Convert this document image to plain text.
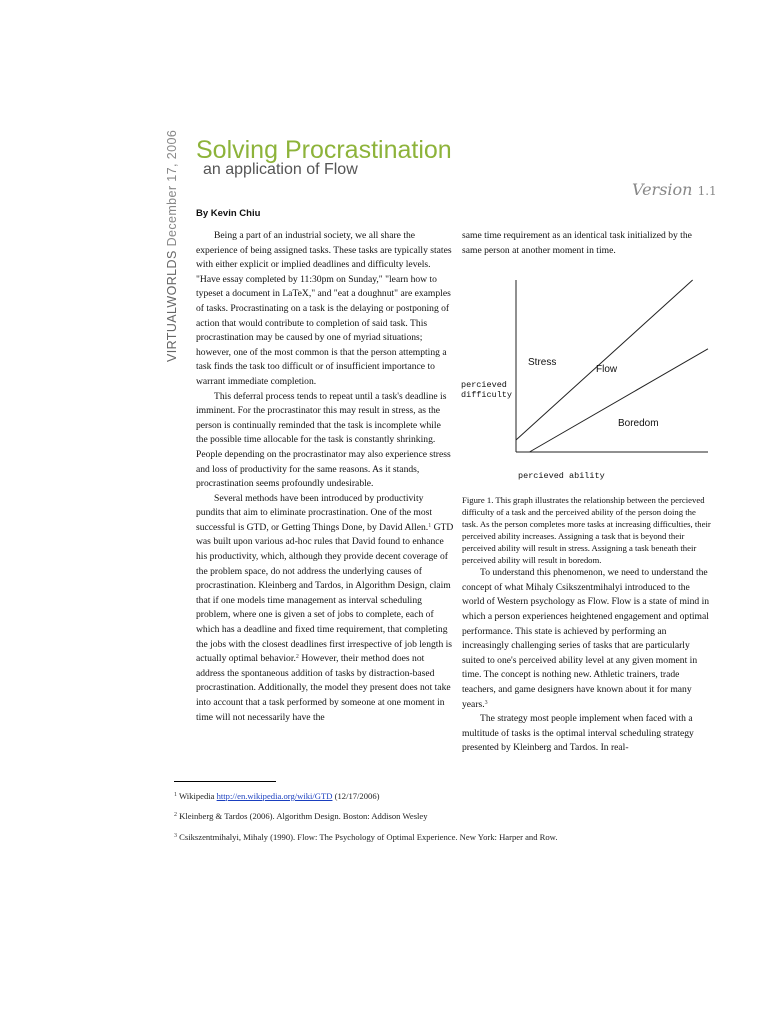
VIRTUALWORLDS December 17, 2006 Solving Procrastination
an application of Flow
Version 1.1
By Kevin Chiu

Being a part of an industrial society, we all share the experience of being assigned tasks. These tasks are typically states with either explicit or implied deadlines and difficulty levels. "Have essay completed by 11:30pm on Sunday," "learn how to typeset a document in LaTeX," and "eat a doughnut" are examples of tasks. Procrastinating on a task is the delaying or postponing of action that would contribute to completion of said task. This procrastination may be caused by one of myriad situations; however, one of the most common is that the person attempting a task finds the task too difficult or of insufficient importance to warrant immediate completion.

This deferral process tends to repeat until a task's deadline is imminent. For the procrastinator this may result in stress, as the person is continually reminded that the task is incomplete while the possible time allocable for the task is constantly shrinking. People depending on the procrastinator may also experience stress and loss of productivity for the same reasons. As it stands, procrastination seems profoundly undesirable.

Several methods have been introduced by productivity pundits that aim to eliminate procrastination. One of the most successful is GTD, or Getting Things Done, by David Allen.$^1$ GTD was built upon various ad-hoc rules that David found to enhance his productivity, which, although they provide decent coverage of the problem space, do not address the underlying causes of procrastination. Kleinberg and Tardos, in Algorithm Design, claim that if one models time management as interval scheduling problem, where one is given a set of jobs to complete, each of which has a deadline and fixed time requirement, that completing the jobs with the closest deadlines first irrespective of job length is actually optimal behavior.$^2$ However, their method does not address the spontaneous addition of tasks by distraction-based procrastination. Additionally, the model they present does not take into account that a task performed by someone at one moment in time will not necessarily have the

same time requirement as an identical task initialized by the same person at another moment in time.

Figure 1. This graph illustrates the relationship between the percieved difficulty of a task and the perceived ability of the person doing the task. As the person completes more tasks at increasing difficulties, their perceived ability increases. Assigning a task that is beyond their perceived ability will result in stress. Assigning a task beneath their perceived ability will result in boredom.

To understand this phenomenon, we need to understand the concept of what Mihaly Csikszentmihalyi introduced to the world of Western psychology as Flow. Flow is a state of mind in which a person experiences heightened engagement and optimal performance. This state is achieved by performing an increasingly challenging series of tasks that are particularly suited to one's perceived ability level at any given moment in time. The concept is nothing new. Athletic trainers, trade teachers, and game designers have known about it for many years.$^3$

The strategy most people implement when faced with a multitude of tasks is the optimal interval scheduling strategy presented by Kleinberg and Tardos. In real-

Stress
Flow
Boredom
percieved
difficulty
percieved ability
$^1$ Wikipedia http://en.wikipedia.org/wiki/GTD (12/17/2006)
$^2$ Kleinberg & Tardos (2006). Algorithm Design. Boston: Addison Wesley
$^3$ Csikszentmihalyi, Mihaly (1990). Flow: The Psychology of Optimal Experience. New York: Harper and Row.
